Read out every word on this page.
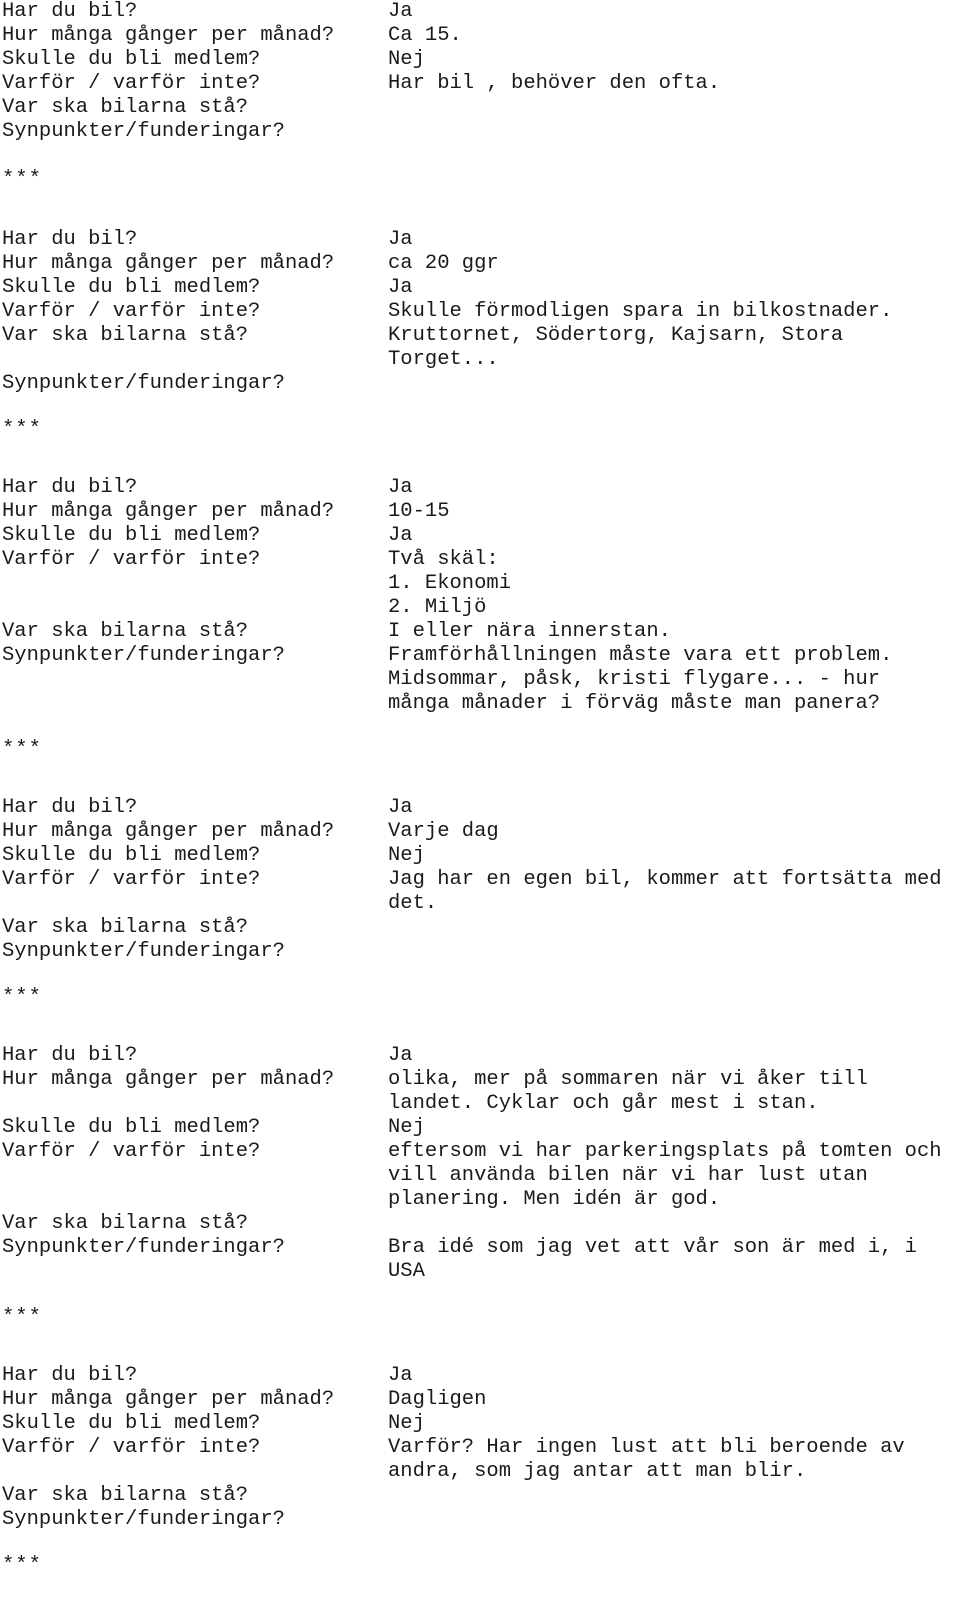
Har du bil?	Ja
Hur många gånger per månad?	Ca 15.
Skulle du bli medlem?	Nej
Varför / varför inte?	Har bil , behöver den ofta.
Var ska bilarna stå?
Synpunkter/funderingar?
***
Har du bil?	Ja
Hur många gånger per månad?	ca 20 ggr
Skulle du bli medlem?	Ja
Varför / varför inte?	Skulle förmodligen spara in bilkostnader.
Var ska bilarna stå?	Kruttornet, Södertorg, Kajsarn, Stora
Torget...
Synpunkter/funderingar?
***
Har du bil?	Ja
Hur många gånger per månad?	10-15
Skulle du bli medlem?	Ja
Varför / varför inte?	Två skäl:
1. Ekonomi
2. Miljö
Var ska bilarna stå?	I eller nära innerstan.
Synpunkter/funderingar?	Framförhållningen måste vara ett problem.
Midsommar, påsk, kristi flygare... - hur
många månader i förväg måste man panera?
***
Har du bil?	Ja
Hur många gånger per månad?	Varje dag
Skulle du bli medlem?	Nej
Varför / varför inte?	Jag har en egen bil, kommer att fortsätta med
det.
Var ska bilarna stå?
Synpunkter/funderingar?
***
Har du bil?	Ja
Hur många gånger per månad?	olika, mer på sommaren när vi åker till
landet. Cyklar och går mest i stan.
Skulle du bli medlem?	Nej
Varför / varför inte?	eftersom vi har parkeringsplats på tomten och
vill använda bilen när vi har lust utan
planering. Men idén är god.
Var ska bilarna stå?
Synpunkter/funderingar?	Bra idé som jag vet att vår son är med i, i
USA
***
Har du bil?	Ja
Hur många gånger per månad?	Dagligen
Skulle du bli medlem?	Nej
Varför / varför inte?	Varför? Har ingen lust att bli beroende av
andra, som jag antar att man blir.
Var ska bilarna stå?
Synpunkter/funderingar?
***
